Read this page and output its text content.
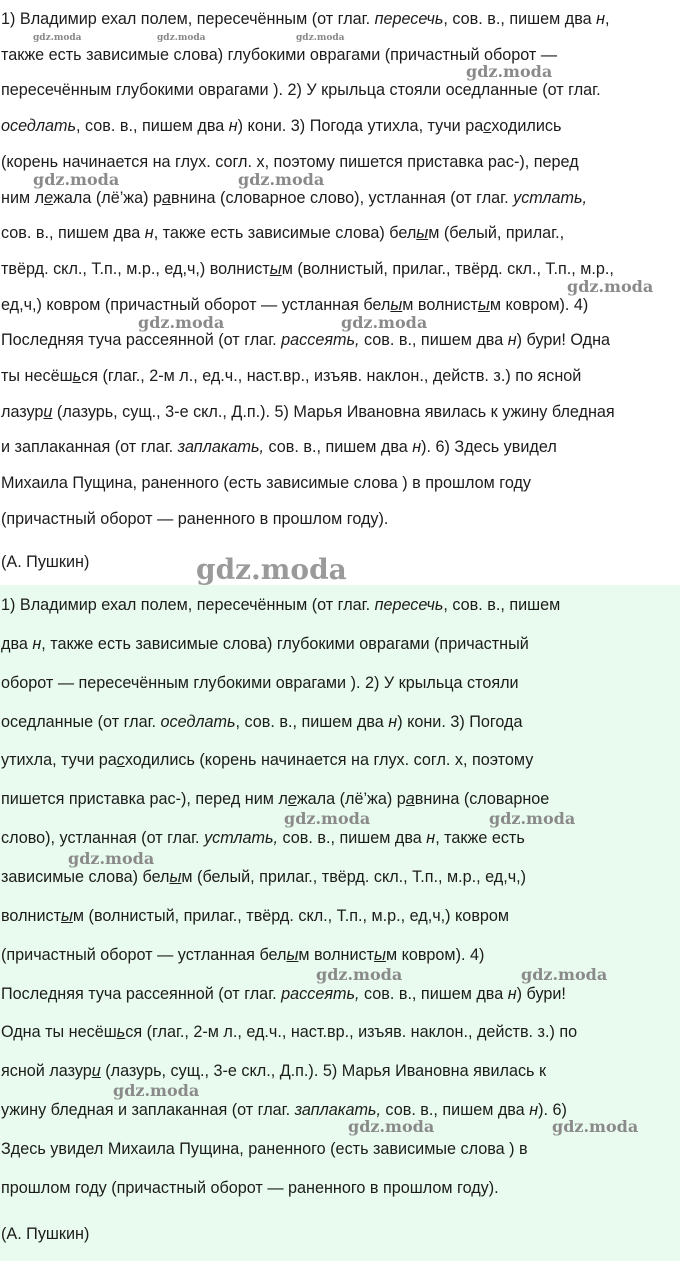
1) Владимир ехал полем, пересечённым (от глаг. пересечь, сов. в., пишем два н,
также есть зависимые слова) глубокими оврагами (причастный оборот —
пересечённым глубокими оврагами ). 2) У крыльца стояли оседланные (от глаг.
оседлать, сов. в., пишем два н) кони. 3) Погода утихла, тучи расходились
(корень начинается на глух. согл. х, поэтому пишется приставка рас-), перед
ним лежала (лё’жа) равнина (словарное слово), устланная (от глаг. устлать,
сов. в., пишем два н, также есть зависимые слова) белым (белый, прилаг.,
твёрд. скл., Т.п., м.р., ед,ч,) волнистым (волнистый, прилаг., твёрд. скл., Т.п., м.р.,
ед,ч,) ковром (причастный оборот — устланная белым волнистым ковром). 4)
Последняя туча рассеянной (от глаг. рассеять, сов. в., пишем два н) бури! Одна
ты несёшься (глаг., 2-м л., ед.ч., наст.вр., изъяв. наклон., действ. з.) по ясной
лазури (лазурь, сущ., 3-е скл., Д.п.). 5) Марья Ивановна явилась к ужину бледная
и заплаканная (от глаг. заплакать, сов. в., пишем два н). 6) Здесь увидел
Михаила Пущина, раненного (есть зависимые слова ) в прошлом году
(причастный оборот — раненного в прошлом году).
(А. Пушкин)
1) Владимир ехал полем, пересечённым (от глаг. пересечь, сов. в., пишем
два н, также есть зависимые слова) глубокими оврагами (причастный
оборот — пересечённым глубокими оврагами ). 2) У крыльца стояли
оседланные (от глаг. оседлать, сов. в., пишем два н) кони. 3) Погода
утихла, тучи расходились (корень начинается на глух. согл. х, поэтому
пишется приставка рас-), перед ним лежала (лё’жа) равнина (словарное
слово), устланная (от глаг. устлать, сов. в., пишем два н, также есть
зависимые слова) белым (белый, прилаг., твёрд. скл., Т.п., м.р., ед,ч,)
волнистым (волнистый, прилаг., твёрд. скл., Т.п., м.р., ед,ч,) ковром
(причастный оборот — устланная белым волнистым ковром). 4)
Последняя туча рассеянной (от глаг. рассеять, сов. в., пишем два н) бури!
Одна ты несёшься (глаг., 2-м л., ед.ч., наст.вр., изъяв. наклон., действ. з.) по
ясной лазури (лазурь, сущ., 3-е скл., Д.п.). 5) Марья Ивановна явилась к
ужину бледная и заплаканная (от глаг. заплакать, сов. в., пишем два н). 6)
Здесь увидел Михаила Пущина, раненного (есть зависимые слова ) в
прошлом году (причастный оборот — раненного в прошлом году).
(А. Пушкин)
gdz.moda	gdz.moda	gdz.moda
gdz.moda
gdz.moda	gdz.moda
gdz.moda
gdz.moda	gdz.moda
gdz.moda
gdz.moda	gdz.moda
gdz.moda
gdz.moda	gdz.moda
gdz.moda
gdz.moda	gdz.moda
